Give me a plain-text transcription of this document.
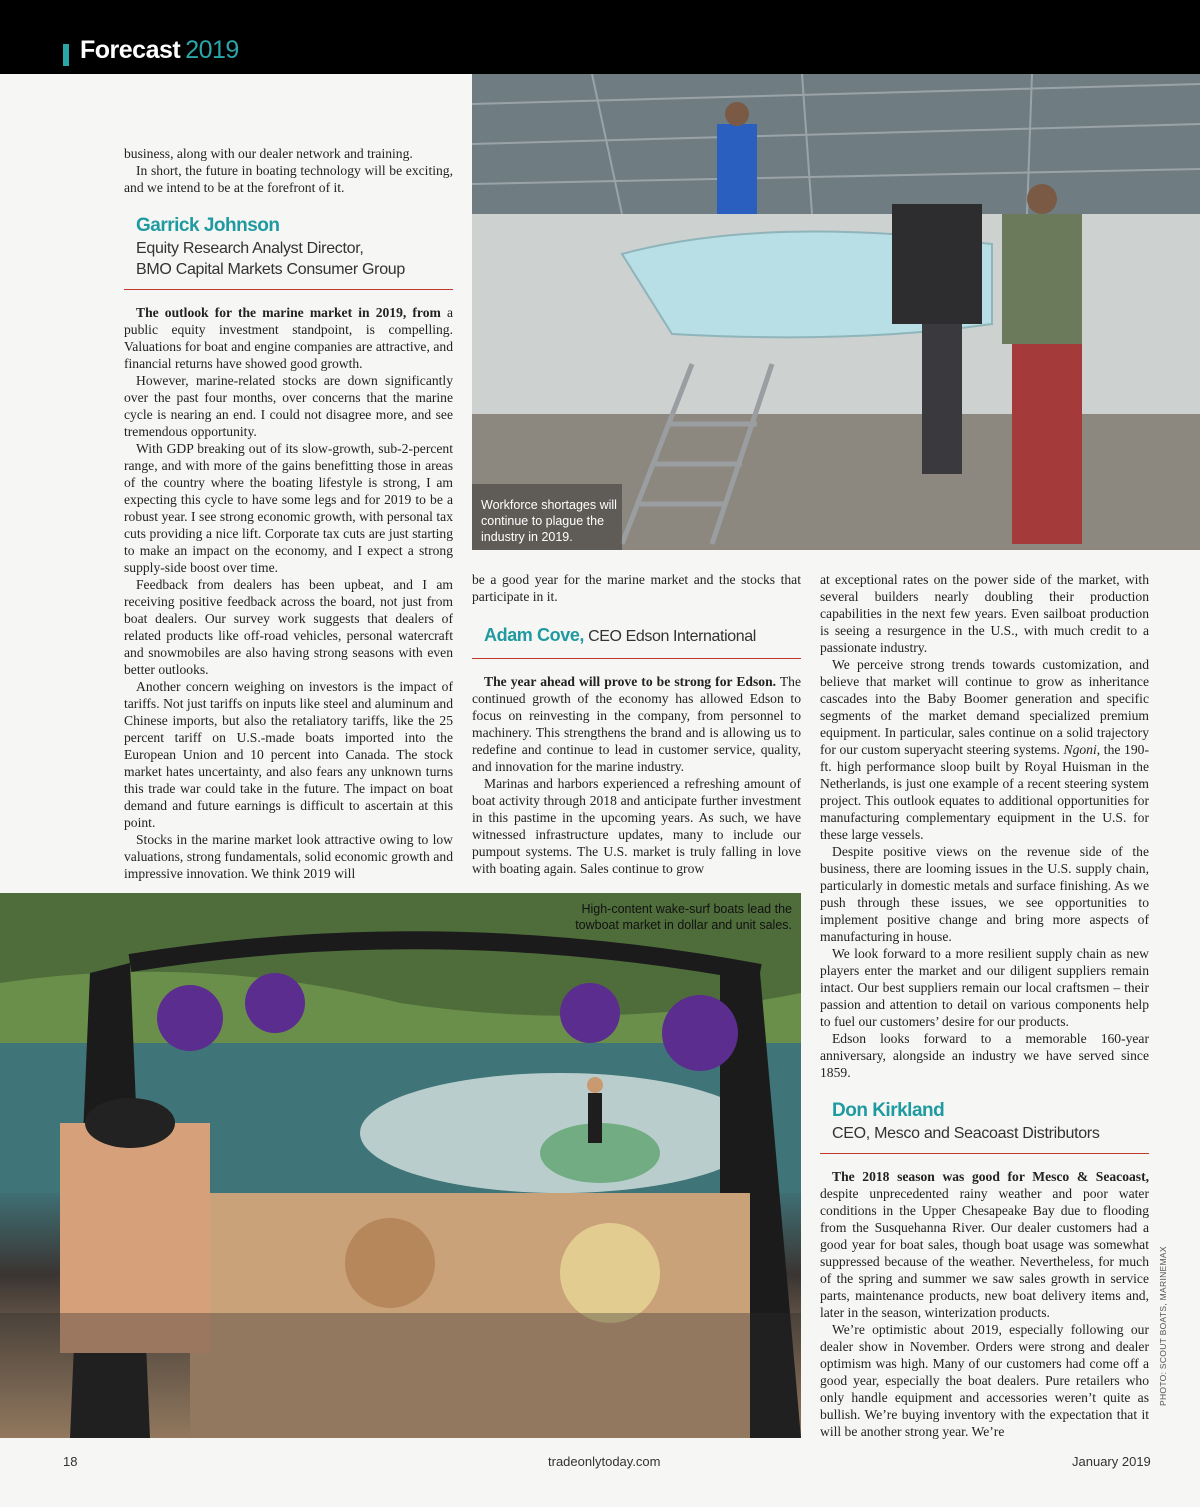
Forecast 2019

business, along with our dealer network and training.

In short, the future in boating technology will be exciting, and we intend to be at the forefront of it.

Garrick Johnson

Equity Research Analyst Director,

BMO Capital Markets Consumer Group

The outlook for the marine market in 2019, from a public equity investment standpoint, is compelling. Valuations for boat and engine companies are attractive, and financial returns have showed good growth.

However, marine-related stocks are down significantly over the past four months, over concerns that the marine cycle is nearing an end. I could not disagree more, and see tremendous opportunity.

With GDP breaking out of its slow-growth, sub-2-percent range, and with more of the gains benefitting those in areas of the country where the boating lifestyle is strong, I am expecting this cycle to have some legs and for 2019 to be a robust year. I see strong economic growth, with personal tax cuts providing a nice lift. Corporate tax cuts are just starting to make an impact on the economy, and I expect a strong supply-side boost over time.

Feedback from dealers has been upbeat, and I am receiving positive feedback across the board, not just from boat dealers. Our survey work suggests that dealers of related products like off-road vehicles, personal watercraft and snowmobiles are also having strong seasons with even better outlooks.

Another concern weighing on investors is the impact of tariffs. Not just tariffs on inputs like steel and aluminum and Chinese imports, but also the retaliatory tariffs, like the 25 percent tariff on U.S.-made boats imported into the European Union and 10 percent into Canada. The stock market hates uncertainty, and also fears any unknown turns this trade war could take in the future. The impact on boat demand and future earnings is difficult to ascertain at this point.

Stocks in the marine market look attractive owing to low valuations, strong fundamentals, solid economic growth and impressive innovation. We think 2019 will

Workforce shortages will continue to plague the industry in 2019.

be a good year for the marine market and the stocks that participate in it.

Adam Cove, CEO Edson International

The year ahead will prove to be strong for Edson. The continued growth of the economy has allowed Edson to focus on reinvesting in the company, from personnel to machinery. This strengthens the brand and is allowing us to redefine and continue to lead in customer service, quality, and innovation for the marine industry.

Marinas and harbors experienced a refreshing amount of boat activity through 2018 and anticipate further investment in this pastime in the upcoming years. As such, we have witnessed infrastructure updates, many to include our pumpout systems. The U.S. market is truly falling in love with boating again. Sales continue to grow

at exceptional rates on the power side of the market, with several builders nearly doubling their production capabilities in the next few years. Even sailboat production is seeing a resurgence in the U.S., with much credit to a passionate industry.

We perceive strong trends towards customization, and believe that market will continue to grow as inheritance cascades into the Baby Boomer generation and specific segments of the market demand specialized premium equipment. In particular, sales continue on a solid trajectory for our custom superyacht steering systems. Ngoni, the 190-ft. high performance sloop built by Royal Huisman in the Netherlands, is just one example of a recent steering system project. This outlook equates to additional opportunities for manufacturing complementary equipment in the U.S. for these large vessels.

Despite positive views on the revenue side of the business, there are looming issues in the U.S. supply chain, particularly in domestic metals and surface finishing. As we push through these issues, we see opportunities to implement positive change and bring more aspects of manufacturing in house.

We look forward to a more resilient supply chain as new players enter the market and our diligent suppliers remain intact. Our best suppliers remain our local craftsmen – their passion and attention to detail on various components help to fuel our customers’ desire for our products.

Edson looks forward to a memorable 160-year anniversary, alongside an industry we have served since 1859.

Don Kirkland

CEO, Mesco and Seacoast Distributors

The 2018 season was good for Mesco & Seacoast, despite unprecedented rainy weather and poor water conditions in the Upper Chesapeake Bay due to flooding from the Susquehanna River. Our dealer customers had a good year for boat sales, though boat usage was somewhat suppressed because of the weather. Nevertheless, for much of the spring and summer we saw sales growth in service parts, maintenance products, new boat delivery items and, later in the season, winterization products.

We’re optimistic about 2019, especially following our dealer show in November. Orders were strong and dealer optimism was high. Many of our customers had come off a good year, especially the boat dealers. Pure retailers who only handle equipment and accessories weren’t quite as bullish. We’re buying inventory with the expectation that it will be another strong year. We’re

High-content wake-surf boats lead the towboat market in dollar and unit sales.
PHOTO: SCOUT BOATS, MARINEMAX
18	tradeonlytoday.com	January 2019
